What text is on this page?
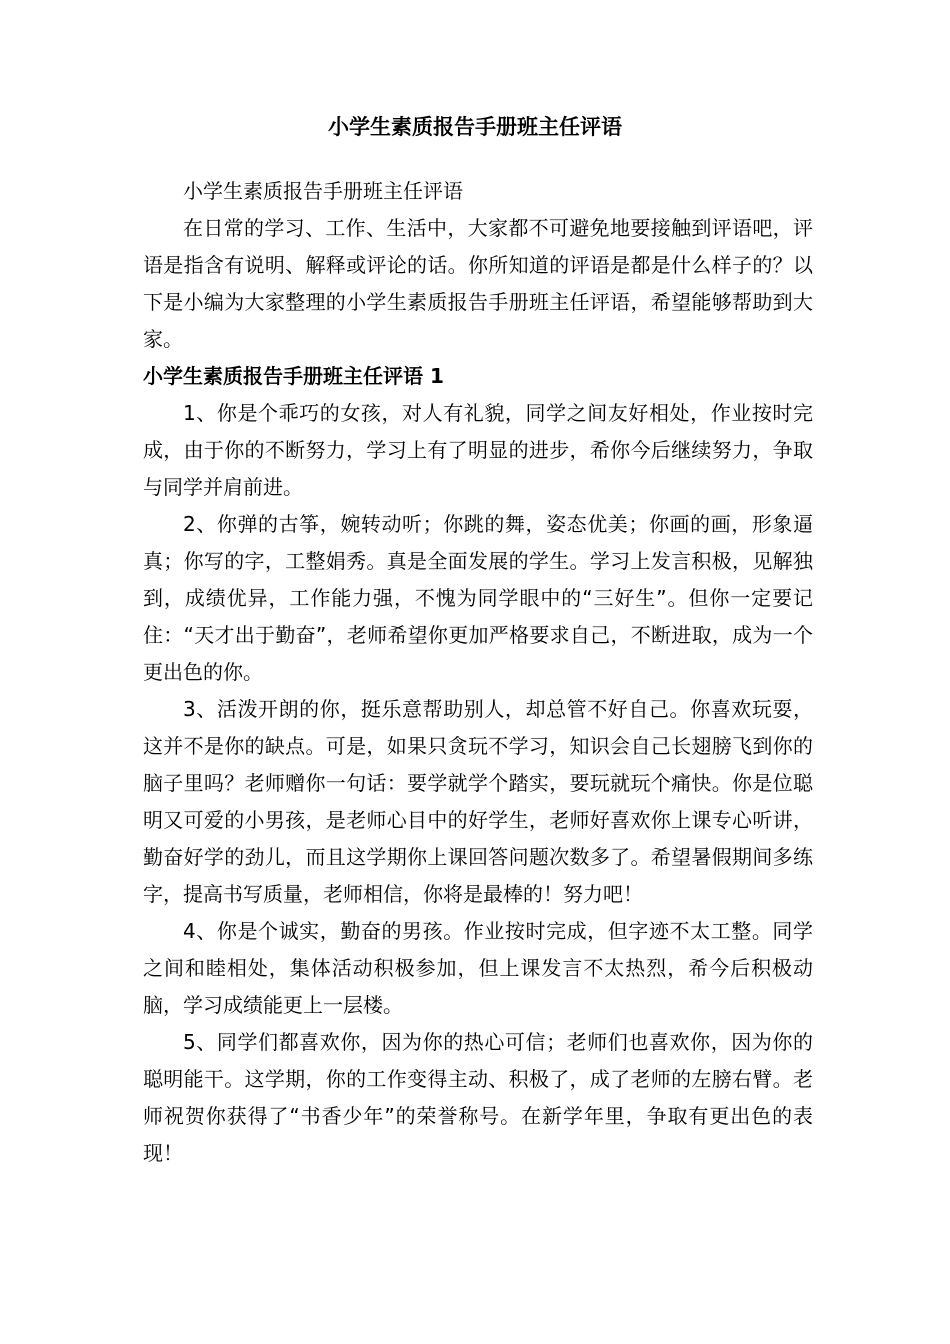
小学生素质报告手册班主任评语

小学生素质报告手册班主任评语

在日常的学习、工作、生活中，大家都不可避免地要接触到评语吧，评语是指含有说明、解释或评论的话。你所知道的评语是都是什么样子的？以下是小编为大家整理的小学生素质报告手册班主任评语，希望能够帮助到大家。

小学生素质报告手册班主任评语 1

1、你是个乖巧的女孩，对人有礼貌，同学之间友好相处，作业按时完成，由于你的不断努力，学习上有了明显的进步，希你今后继续努力，争取与同学并肩前进。

2、你弹的古筝，婉转动听；你跳的舞，姿态优美；你画的画，形象逼真；你写的字，工整娟秀。真是全面发展的学生。学习上发言积极，见解独到，成绩优异，工作能力强，不愧为同学眼中的“三好生”。但你一定要记住：“天才出于勤奋”，老师希望你更加严格要求自己，不断进取，成为一个更出色的你。

3、活泼开朗的你，挺乐意帮助别人，却总管不好自己。你喜欢玩耍，这并不是你的缺点。可是，如果只贪玩不学习，知识会自己长翅膀飞到你的脑子里吗？老师赠你一句话：要学就学个踏实，要玩就玩个痛快。你是位聪明又可爱的小男孩，是老师心目中的好学生，老师好喜欢你上课专心听讲，勤奋好学的劲儿，而且这学期你上课回答问题次数多了。希望暑假期间多练字，提高书写质量，老师相信，你将是最棒的！努力吧！

4、你是个诚实，勤奋的男孩。作业按时完成，但字迹不太工整。同学之间和睦相处，集体活动积极参加，但上课发言不太热烈，希今后积极动脑，学习成绩能更上一层楼。

5、同学们都喜欢你，因为你的热心可信；老师们也喜欢你，因为你的聪明能干。这学期，你的工作变得主动、积极了，成了老师的左膀右臂。老师祝贺你获得了“书香少年”的荣誉称号。在新学年里，争取有更出色的表现！
